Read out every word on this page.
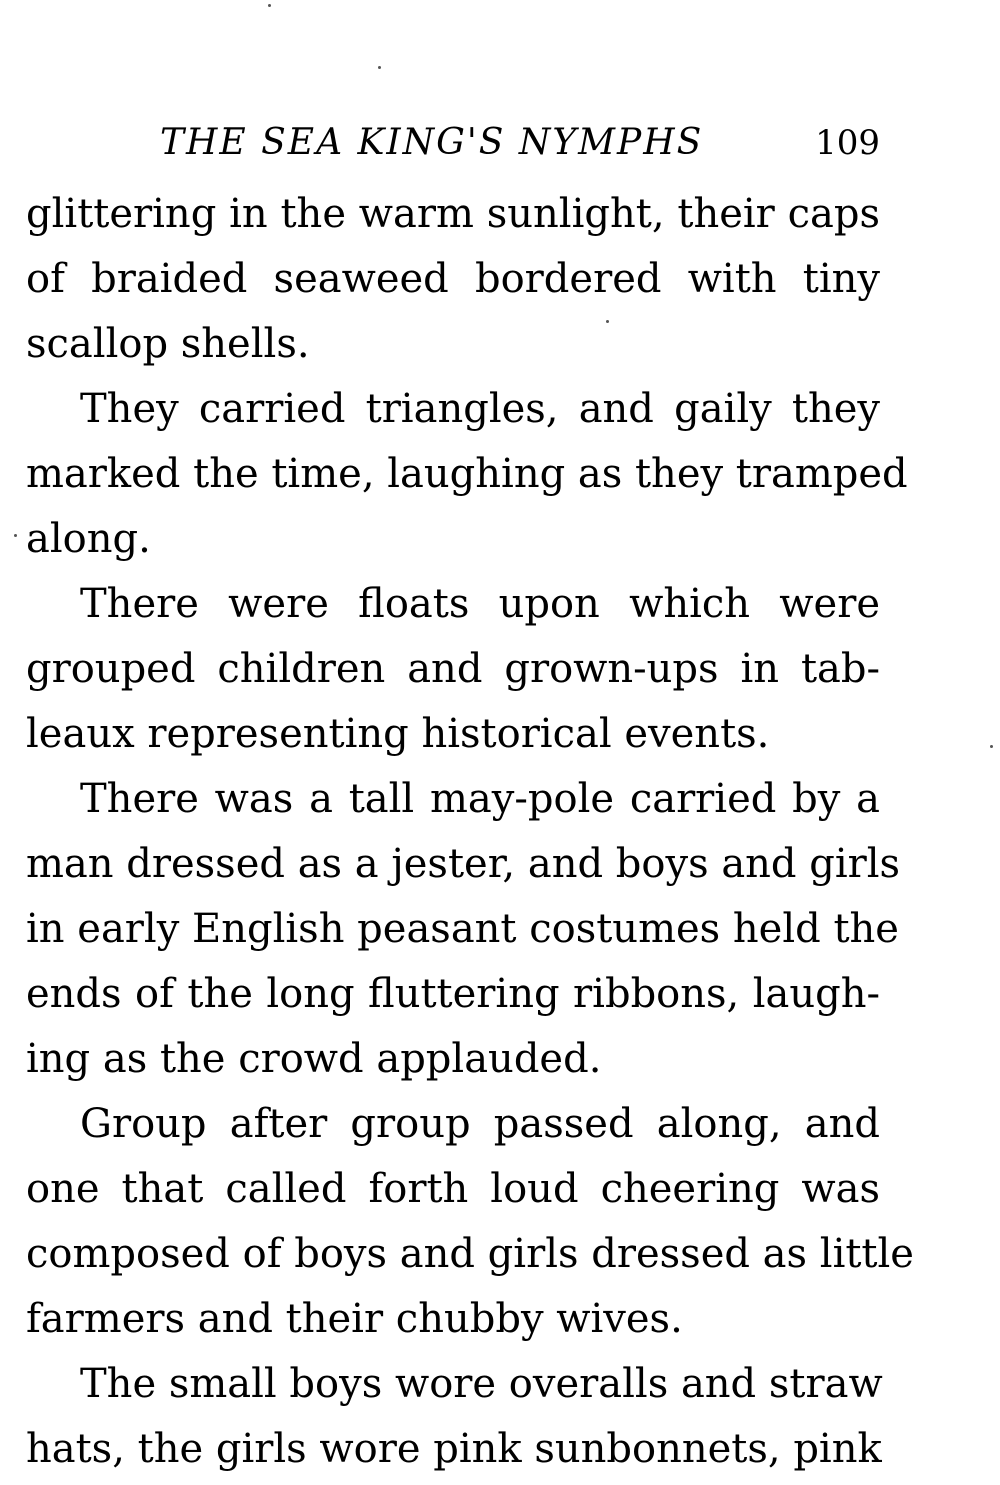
THE SEA KING'S NYMPHS	109
glittering in the warm sunlight, their caps
of braided seaweed bordered with tiny
scallop shells.
They carried triangles, and gaily they
marked the time, laughing as they tramped
along.
There were floats upon which were
grouped children and grown-ups in tab-
leaux representing historical events.
There was a tall may-pole carried by a
man dressed as a jester, and boys and girls
in early English peasant costumes held the
ends of the long fluttering ribbons, laugh-
ing as the crowd applauded.
Group after group passed along, and
one that called forth loud cheering was
composed of boys and girls dressed as little
farmers and their chubby wives.
The small boys wore overalls and straw
hats, the girls wore pink sunbonnets, pink
